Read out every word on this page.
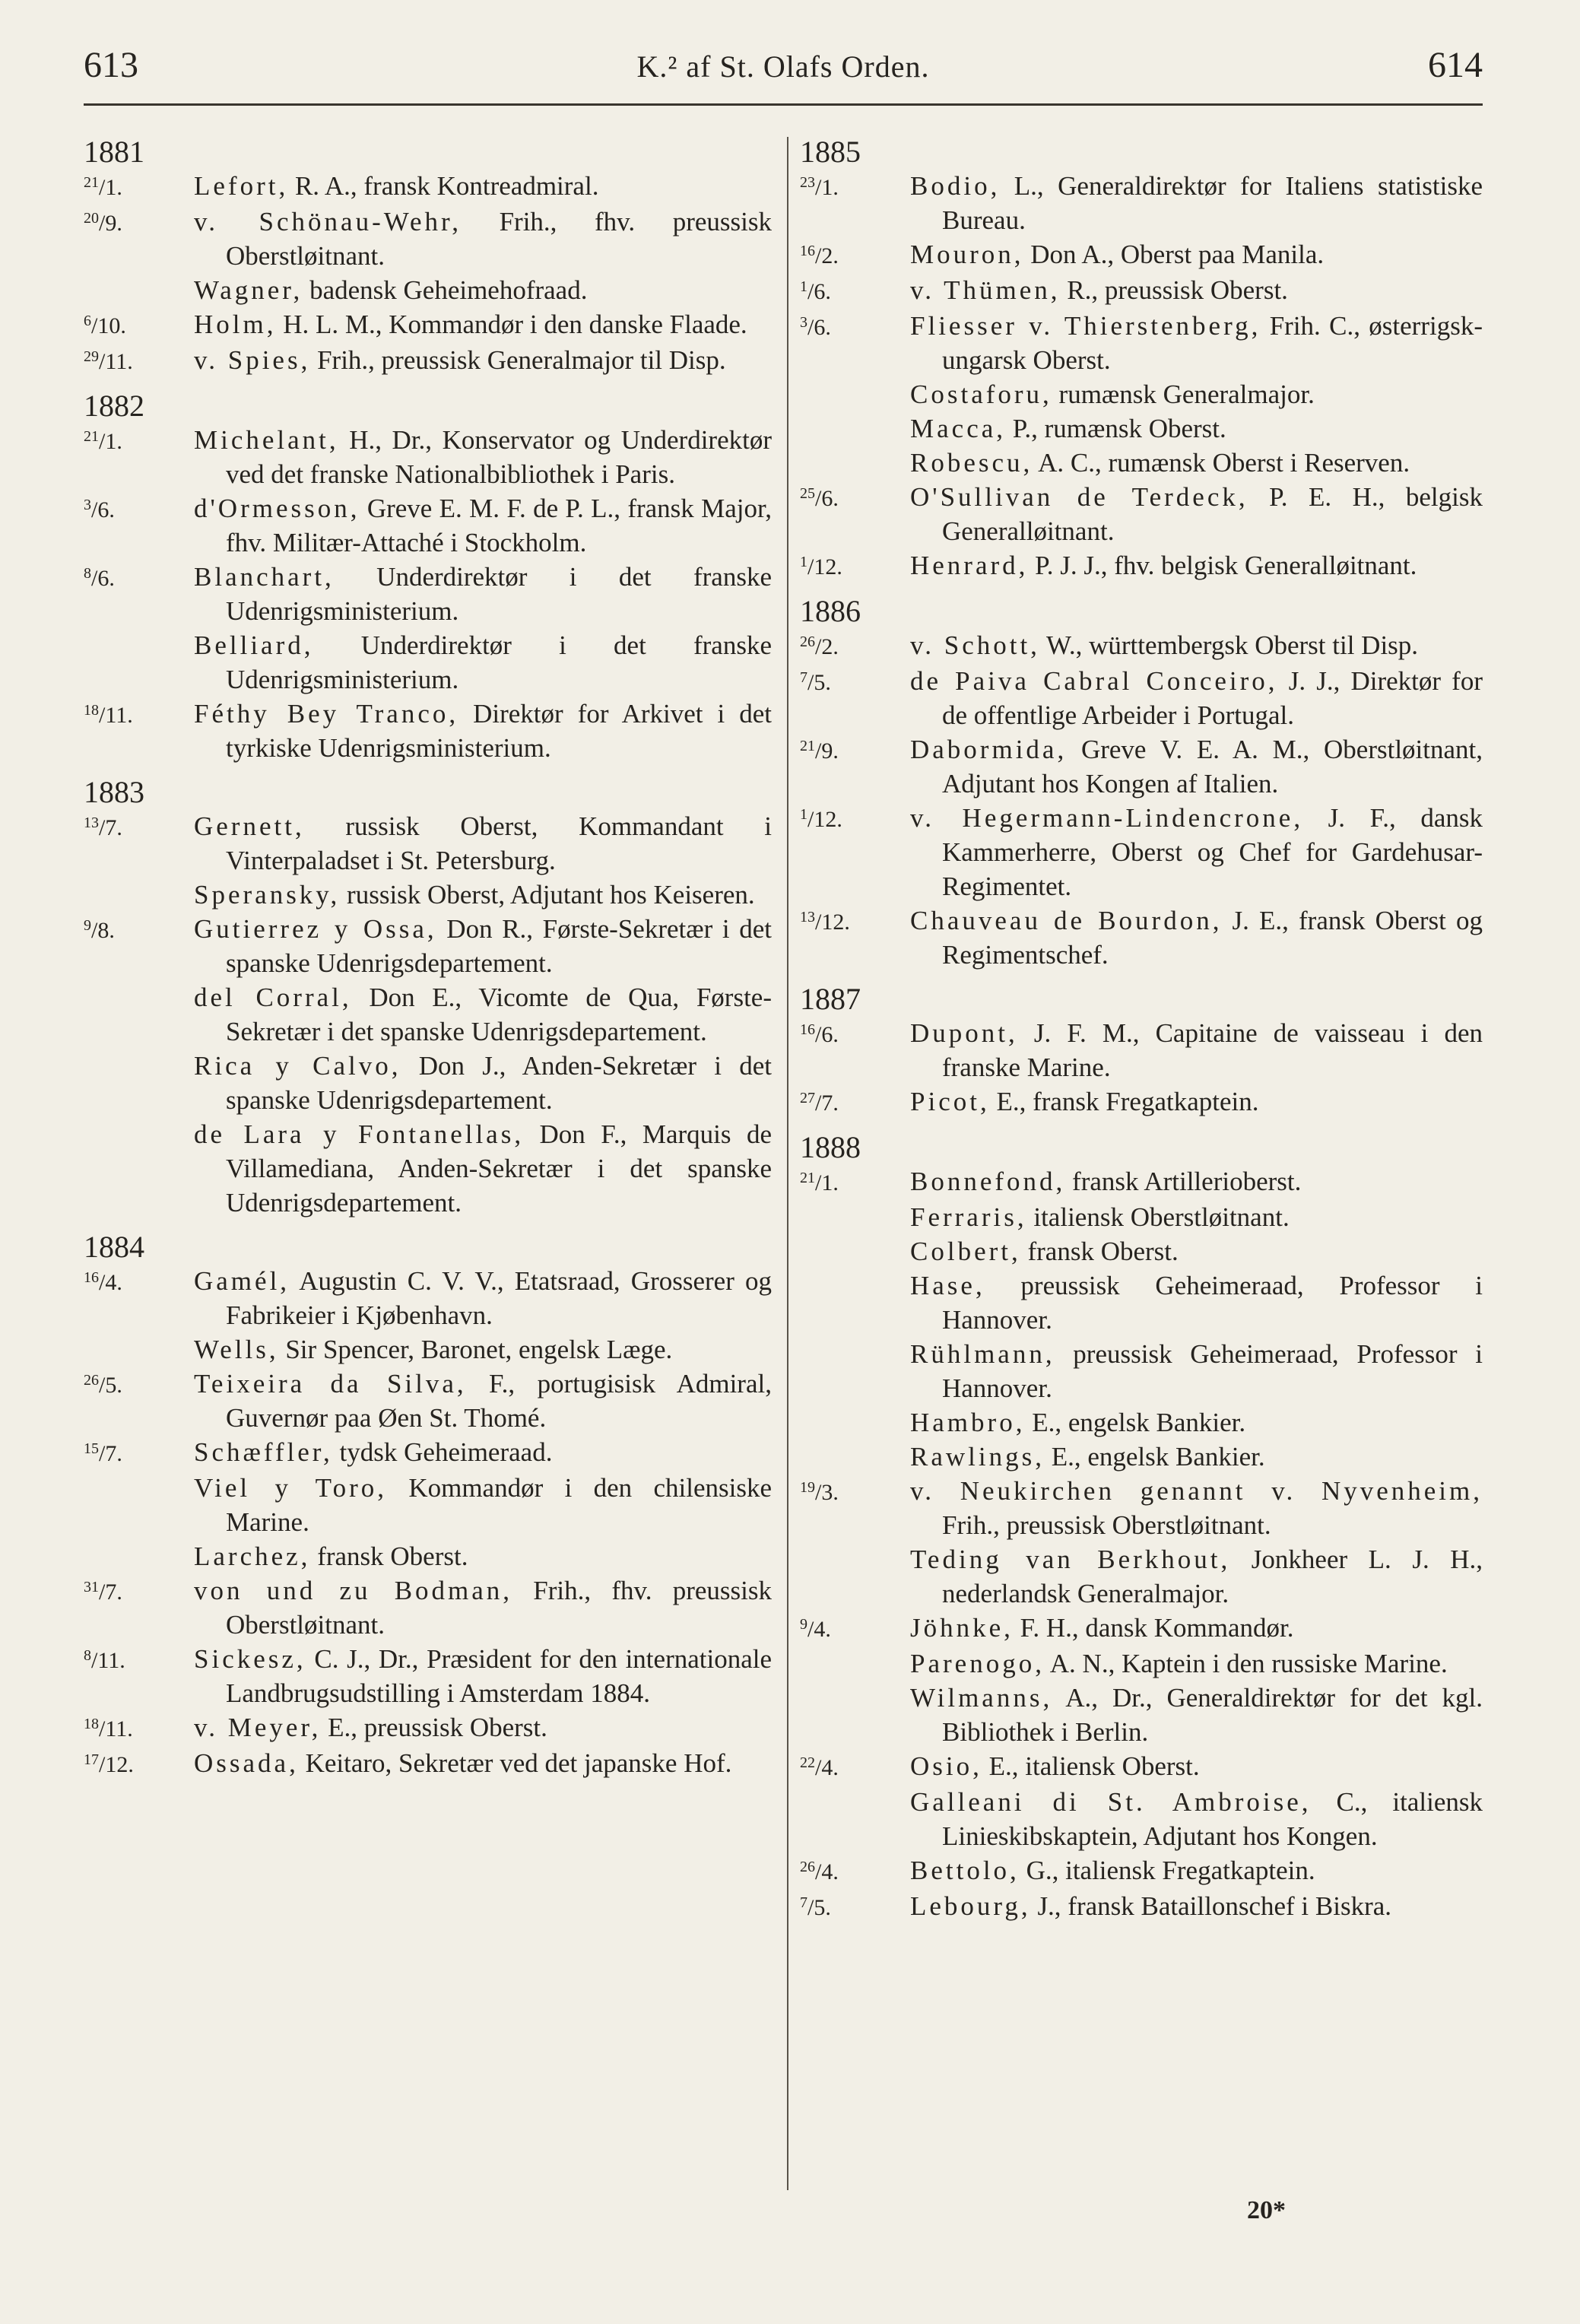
613	K.² af St. Olafs Orden.	614
1881
$^{21}$/1.	Lefort, R. A., fransk Kontreadmiral.
$^{20}$/9.	v. Schönau-Wehr, Frih., fhv. preussisk Oberstløitnant.
Wagner, badensk Geheimehofraad.
$^6$/10.	Holm, H. L. M., Kommandør i den danske Flaade.
$^{29}$/11.	v. Spies, Frih., preussisk Generalmajor til Disp.
1882
$^{21}$/1.	Michelant, H., Dr., Konservator og Underdirektør ved det franske Nationalbibliothek i Paris.
$^3$/6.	d'Ormesson, Greve E. M. F. de P. L., fransk Major, fhv. Militær-Attaché i Stockholm.
$^8$/6.	Blanchart, Underdirektør i det franske Udenrigsministerium.
Belliard, Underdirektør i det franske Udenrigsministerium.
$^{18}$/11.	Féthy Bey Tranco, Direktør for Arkivet i det tyrkiske Udenrigsministerium.
1883
$^{13}$/7.	Gernett, russisk Oberst, Kommandant i Vinterpaladset i St. Petersburg.
Speransky, russisk Oberst, Adjutant hos Keiseren.
$^9$/8.	Gutierrez y Ossa, Don R., Første-Sekretær i det spanske Udenrigsdepartement.
del Corral, Don E., Vicomte de Qua, Første-Sekretær i det spanske Udenrigsdepartement.
Rica y Calvo, Don J., Anden-Sekretær i det spanske Udenrigsdepartement.
de Lara y Fontanellas, Don F., Marquis de Villamediana, Anden-Sekretær i det spanske Udenrigsdepartement.
1884
$^{16}$/4.	Gamél, Augustin C. V. V., Etatsraad, Grosserer og Fabrikeier i Kjøbenhavn.
Wells, Sir Spencer, Baronet, engelsk Læge.
$^{26}$/5.	Teixeira da Silva, F., portugisisk Admiral, Guvernør paa Øen St. Thomé.
$^{15}$/7.	Schæffler, tydsk Geheimeraad.
Viel y Toro, Kommandør i den chilensiske Marine.
Larchez, fransk Oberst.
$^{31}$/7.	von und zu Bodman, Frih., fhv. preussisk Oberstløitnant.
$^8$/11.	Sickesz, C. J., Dr., Præsident for den internationale Landbrugsudstilling i Amsterdam 1884.
$^{18}$/11.	v. Meyer, E., preussisk Oberst.
$^{17}$/12.	Ossada, Keitaro, Sekretær ved det japanske Hof.
1885
$^{23}$/1.	Bodio, L., Generaldirektør for Italiens statistiske Bureau.
$^{16}$/2.	Mouron, Don A., Oberst paa Manila.
$^1$/6.	v. Thümen, R., preussisk Oberst.
$^3$/6.	Fliesser v. Thierstenberg, Frih. C., østerrigsk-ungarsk Oberst.
Costaforu, rumænsk Generalmajor.
Macca, P., rumænsk Oberst.
Robescu, A. C., rumænsk Oberst i Reserven.
$^{25}$/6.	O'Sullivan de Terdeck, P. E. H., belgisk Generalløitnant.
$^1$/12.	Henrard, P. J. J., fhv. belgisk Generalløitnant.
1886
$^{26}$/2.	v. Schott, W., württembergsk Oberst til Disp.
$^7$/5.	de Paiva Cabral Conceiro, J. J., Direktør for de offentlige Arbeider i Portugal.
$^{21}$/9.	Dabormida, Greve V. E. A. M., Oberstløitnant, Adjutant hos Kongen af Italien.
$^1$/12.	v. Hegermann-Lindencrone, J. F., dansk Kammerherre, Oberst og Chef for Gardehusar-Regimentet.
$^{13}$/12.	Chauveau de Bourdon, J. E., fransk Oberst og Regimentschef.
1887
$^{16}$/6.	Dupont, J. F. M., Capitaine de vaisseau i den franske Marine.
$^{27}$/7.	Picot, E., fransk Fregatkaptein.
1888
$^{21}$/1.	Bonnefond, fransk Artillerioberst.
Ferraris, italiensk Oberstløitnant.
Colbert, fransk Oberst.
Hase, preussisk Geheimeraad, Professor i Hannover.
Rühlmann, preussisk Geheimeraad, Professor i Hannover.
Hambro, E., engelsk Bankier.
Rawlings, E., engelsk Bankier.
$^{19}$/3.	v. Neukirchen genannt v. Nyvenheim, Frih., preussisk Oberstløitnant.
Teding van Berkhout, Jonkheer L. J. H., nederlandsk Generalmajor.
$^9$/4.	Jöhnke, F. H., dansk Kommandør.
Parenogo, A. N., Kaptein i den russiske Marine.
Wilmanns, A., Dr., Generaldirektør for det kgl. Bibliothek i Berlin.
$^{22}$/4.	Osio, E., italiensk Oberst.
Galleani di St. Ambroise, C., italiensk Linieskibskaptein, Adjutant hos Kongen.
$^{26}$/4.	Bettolo, G., italiensk Fregatkaptein.
$^7$/5.	Lebourg, J., fransk Bataillonschef i Biskra.
20*
